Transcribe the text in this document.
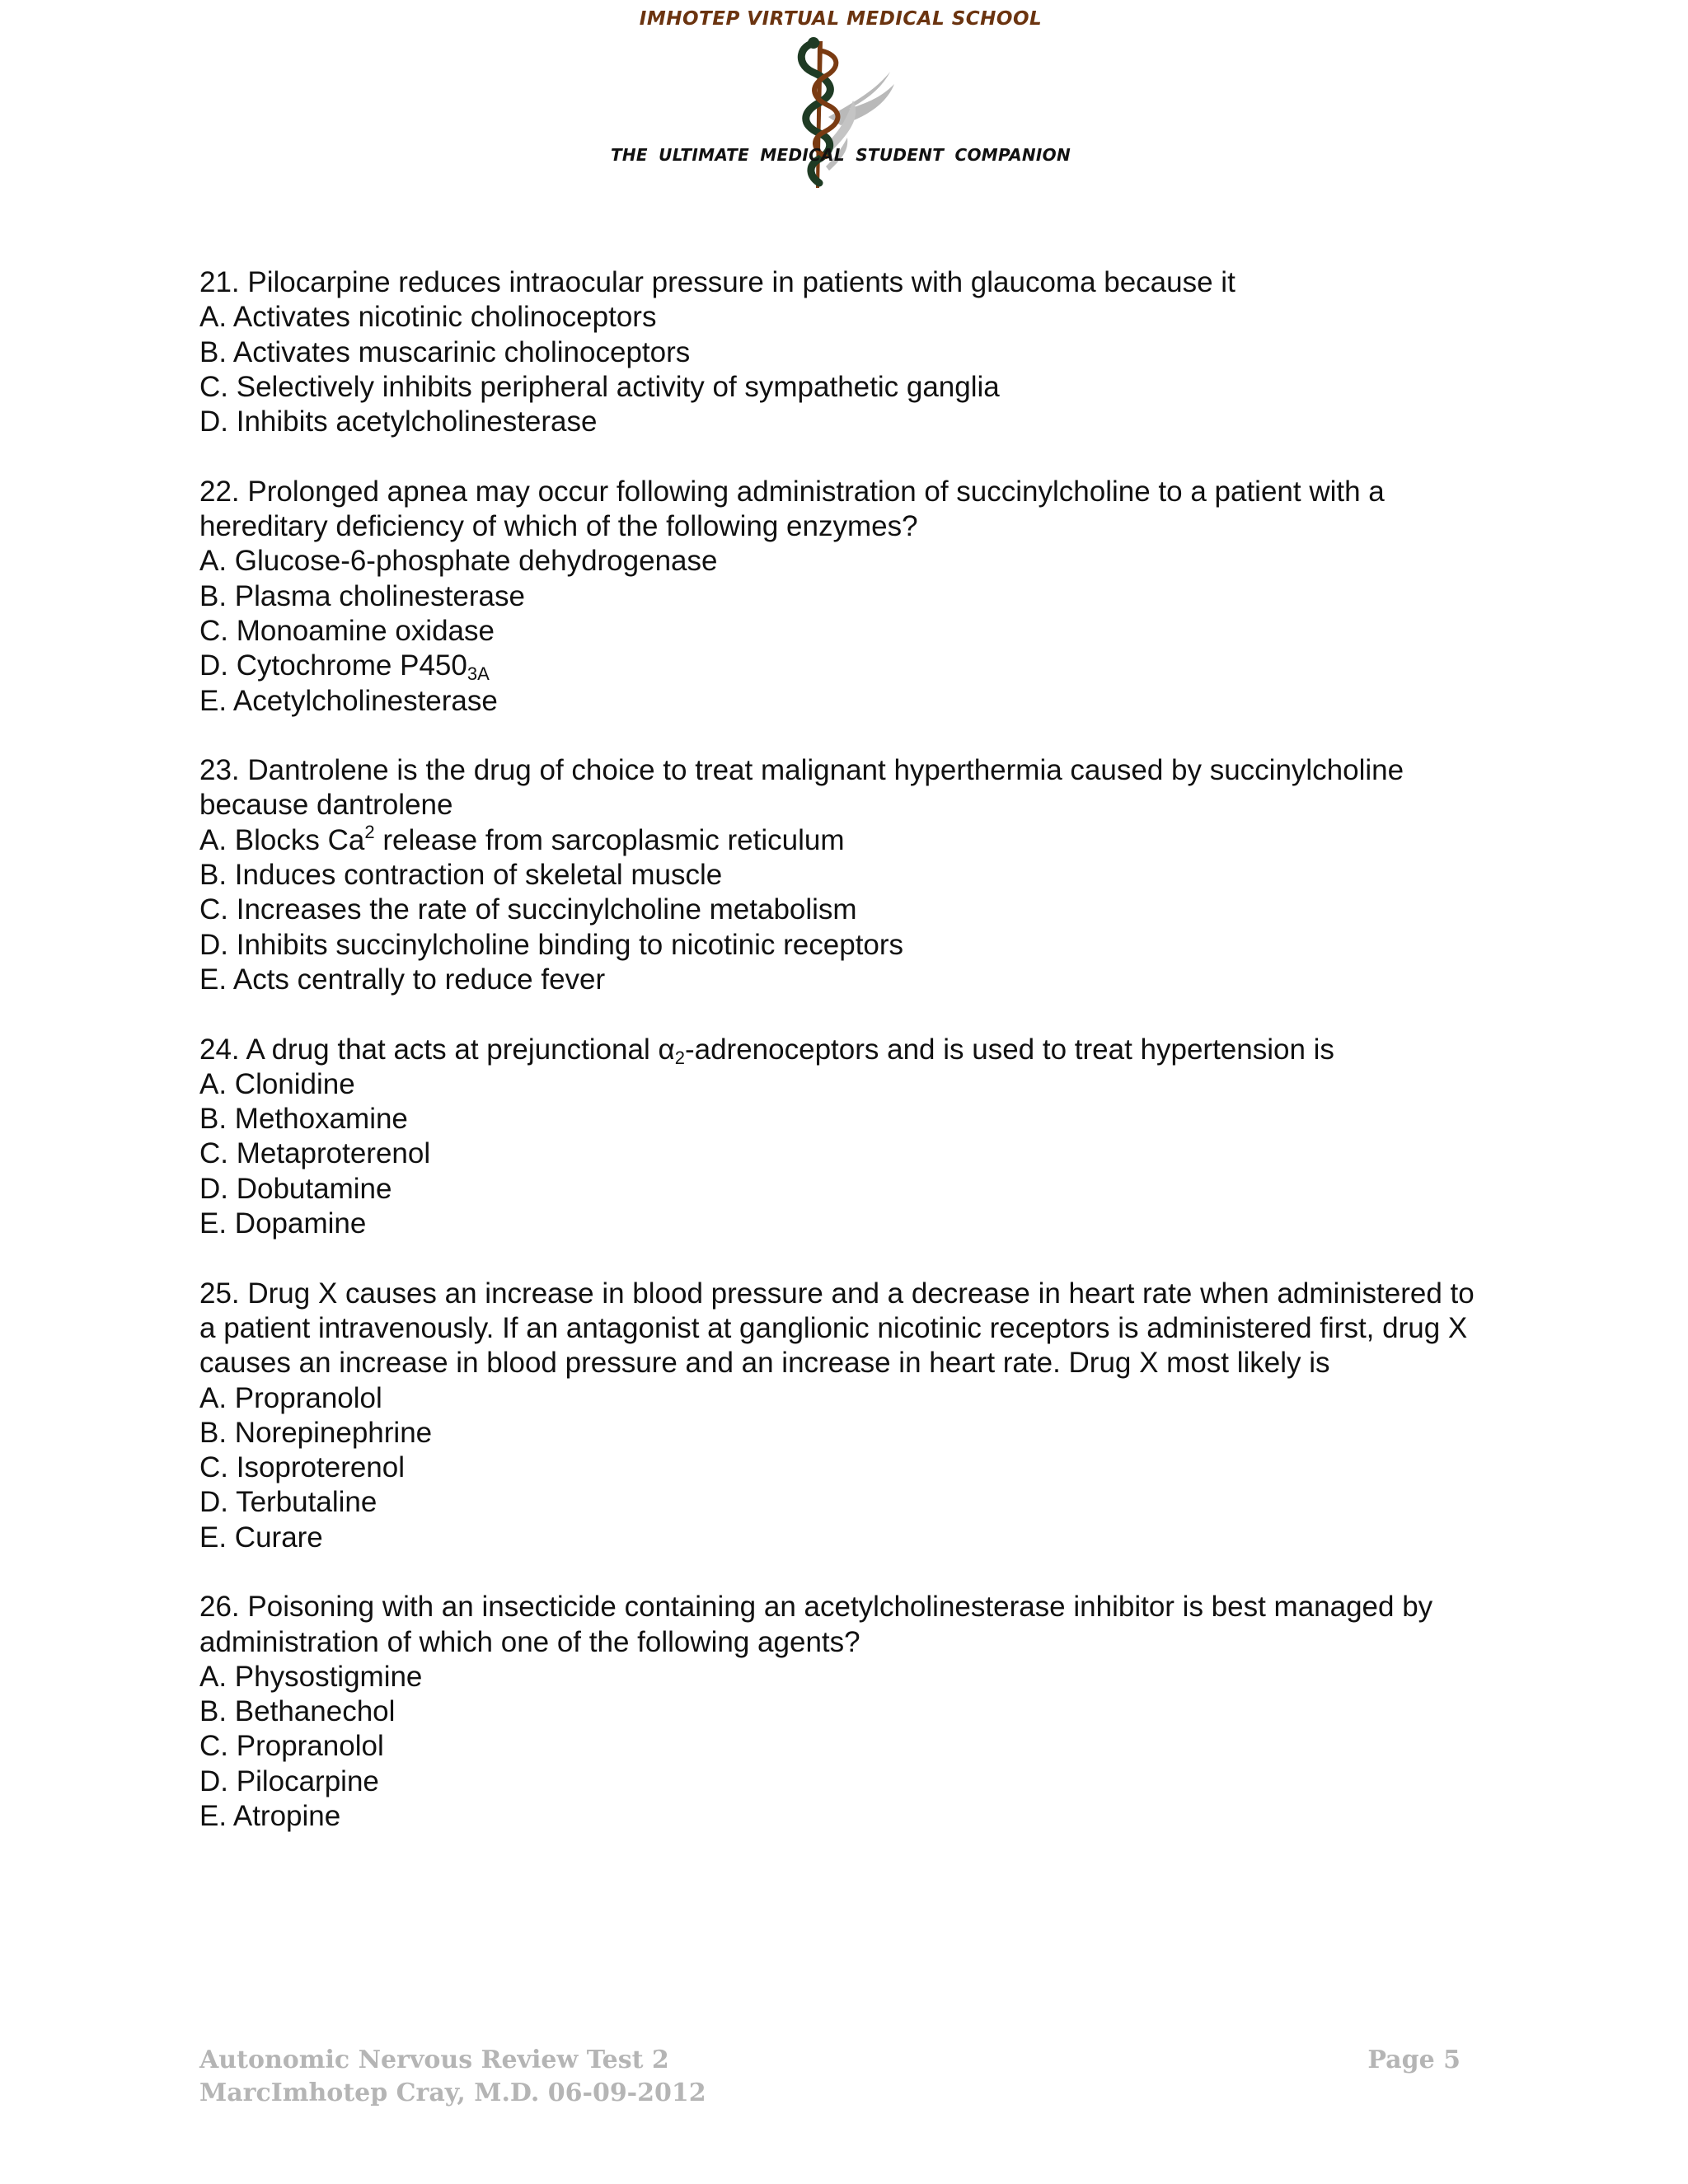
IMHOTEP VIRTUAL MEDICAL SCHOOL
THE ULTIMATE MEDICAL STUDENT COMPANION
21. Pilocarpine reduces intraocular pressure in patients with glaucoma because it
A. Activates nicotinic cholinoceptors
B. Activates muscarinic cholinoceptors
C. Selectively inhibits peripheral activity of sympathetic ganglia
D. Inhibits acetylcholinesterase
22. Prolonged apnea may occur following administration of succinylcholine to a patient with a hereditary deficiency of which of the following enzymes?
A. Glucose-6-phosphate dehydrogenase
B. Plasma cholinesterase
C. Monoamine oxidase
D. Cytochrome $P450_{3A}$
E. Acetylcholinesterase
23. Dantrolene is the drug of choice to treat malignant hyperthermia caused by succinylcholine because dantrolene
A. Blocks Ca$^2$ release from sarcoplasmic reticulum
B. Induces contraction of skeletal muscle
C. Increases the rate of succinylcholine metabolism
D. Inhibits succinylcholine binding to nicotinic receptors
E. Acts centrally to reduce fever
24. A drug that acts at prejunctional $\alpha_2$-adrenoceptors and is used to treat hypertension is
A. Clonidine
B. Methoxamine
C. Metaproterenol
D. Dobutamine
E. Dopamine
25. Drug X causes an increase in blood pressure and a decrease in heart rate when administered to a patient intravenously. If an antagonist at ganglionic nicotinic receptors is administered first, drug X causes an increase in blood pressure and an increase in heart rate. Drug X most likely is
A. Propranolol
B. Norepinephrine
C. Isoproterenol
D. Terbutaline
E. Curare
26. Poisoning with an insecticide containing an acetylcholinesterase inhibitor is best managed by administration of which one of the following agents?
A. Physostigmine
B. Bethanechol
C. Propranolol
D. Pilocarpine
E. Atropine
Autonomic Nervous Review Test 2
MarcImhotep Cray, M.D. 06-09-2012
Page 5
